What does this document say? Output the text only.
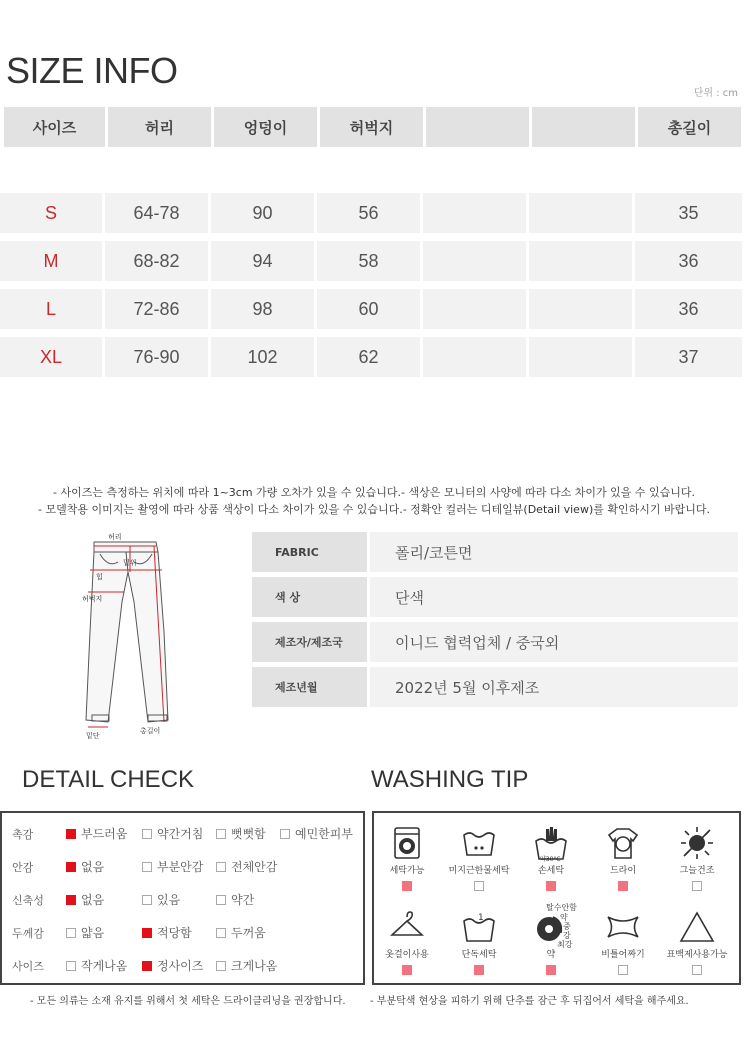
SIZE INFO
단위 : cm
사이즈	허리	엉덩이	허벅지	총길이
S	64-78	90	56	35
M	68-82	94	58	36
L	72-86	98	60	36
XL	76-90	102	62	37
- 사이즈는 측정하는 위치에 따라 1~3cm 가량 오차가 있을 수 있습니다.- 색상은 모니터의 사양에 따라 다소 차이가 있을 수 있습니다.
- 모델착용 이미지는 촬영에 따라 상품 색상이 다소 차이가 있을 수 있습니다.- 정확안 컬러는 디테일뷰(Detail view)를 확인하시기 바랍니다.
허리
밑위
힙
허벅지
밑단
총길이
FABRIC	폴리/코튼면
색 상	단색
제조자/제조국	이니드 협력업체 / 중국외
제조년월	2022년 5월 이후제조
DETAIL CHECK
촉감	부드러움 약간거침 뻣뻣함 예민한피부
안감	없음	부분안감 전체안감
신축성	없음	있음	약간
두께감	얇음	적당함	두꺼움
사이즈	작게나옴 정사이즈 크게나옴
WASHING TIP
세탁가능	미지근한물세탁	손세탁	드라이	그늘건조
옷걸이사용	단독세탁	약	비틀어짜기	표백제사용가능
약30°C
1
탈수안함
약
중
강
최강
- 모든 의류는 소재 유지를 위해서 첫 세탁은 드라이클리닝을 권장합니다. - 부분탁색 현상을 피하기 위해 단추를 잠근 후 뒤집어서 세탁을 해주세요.
